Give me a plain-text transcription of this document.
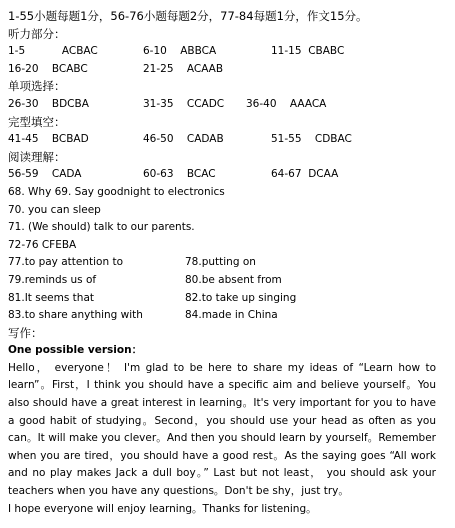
1-55小题每题1分，56-76小题每题2分，77-84每题1分，作文15分。
听力部分：
1-5	ACBAC	6-10 ABBCA	11-15 CBABC
16-20 BCABC	21-25 ACAAB
单项选择：
26-30 BDCBA	31-35 CCADC 36-40 AAACA
完型填空：
41-45 BCBAD	46-50 CADAB	51-55 CDBAC
阅读理解：
56-59 CADA	60-63 BCAC	64-67 DCAA
68. Why 69. Say goodnight to electronics
70. you can sleep
71. (We should) talk to our parents.
72-76 CFEBA
77.to pay attention to	78.putting on
79.reminds us of	80.be absent from
81.It seems that	82.to take up singing
83.to share anything with	84.made in China
写作：
One possible version：

Hello， everyone！ I'm glad to be here to share my ideas of “Learn how to learn”。First，I think you should have a specific aim and believe yourself。You also should have a great interest in learning。It's very important for you to have a good habit of studying。Second，you should use your head as often as you can。It will make you clever。And then you should learn by yourself。Remember when you are tired，you should have a good rest。As the saying goes “All work and no play makes Jack a dull boy。” Last but not least， you should ask your teachers when you have any questions。Don't be shy，just try。

I hope everyone will enjoy learning。Thanks for listening。
